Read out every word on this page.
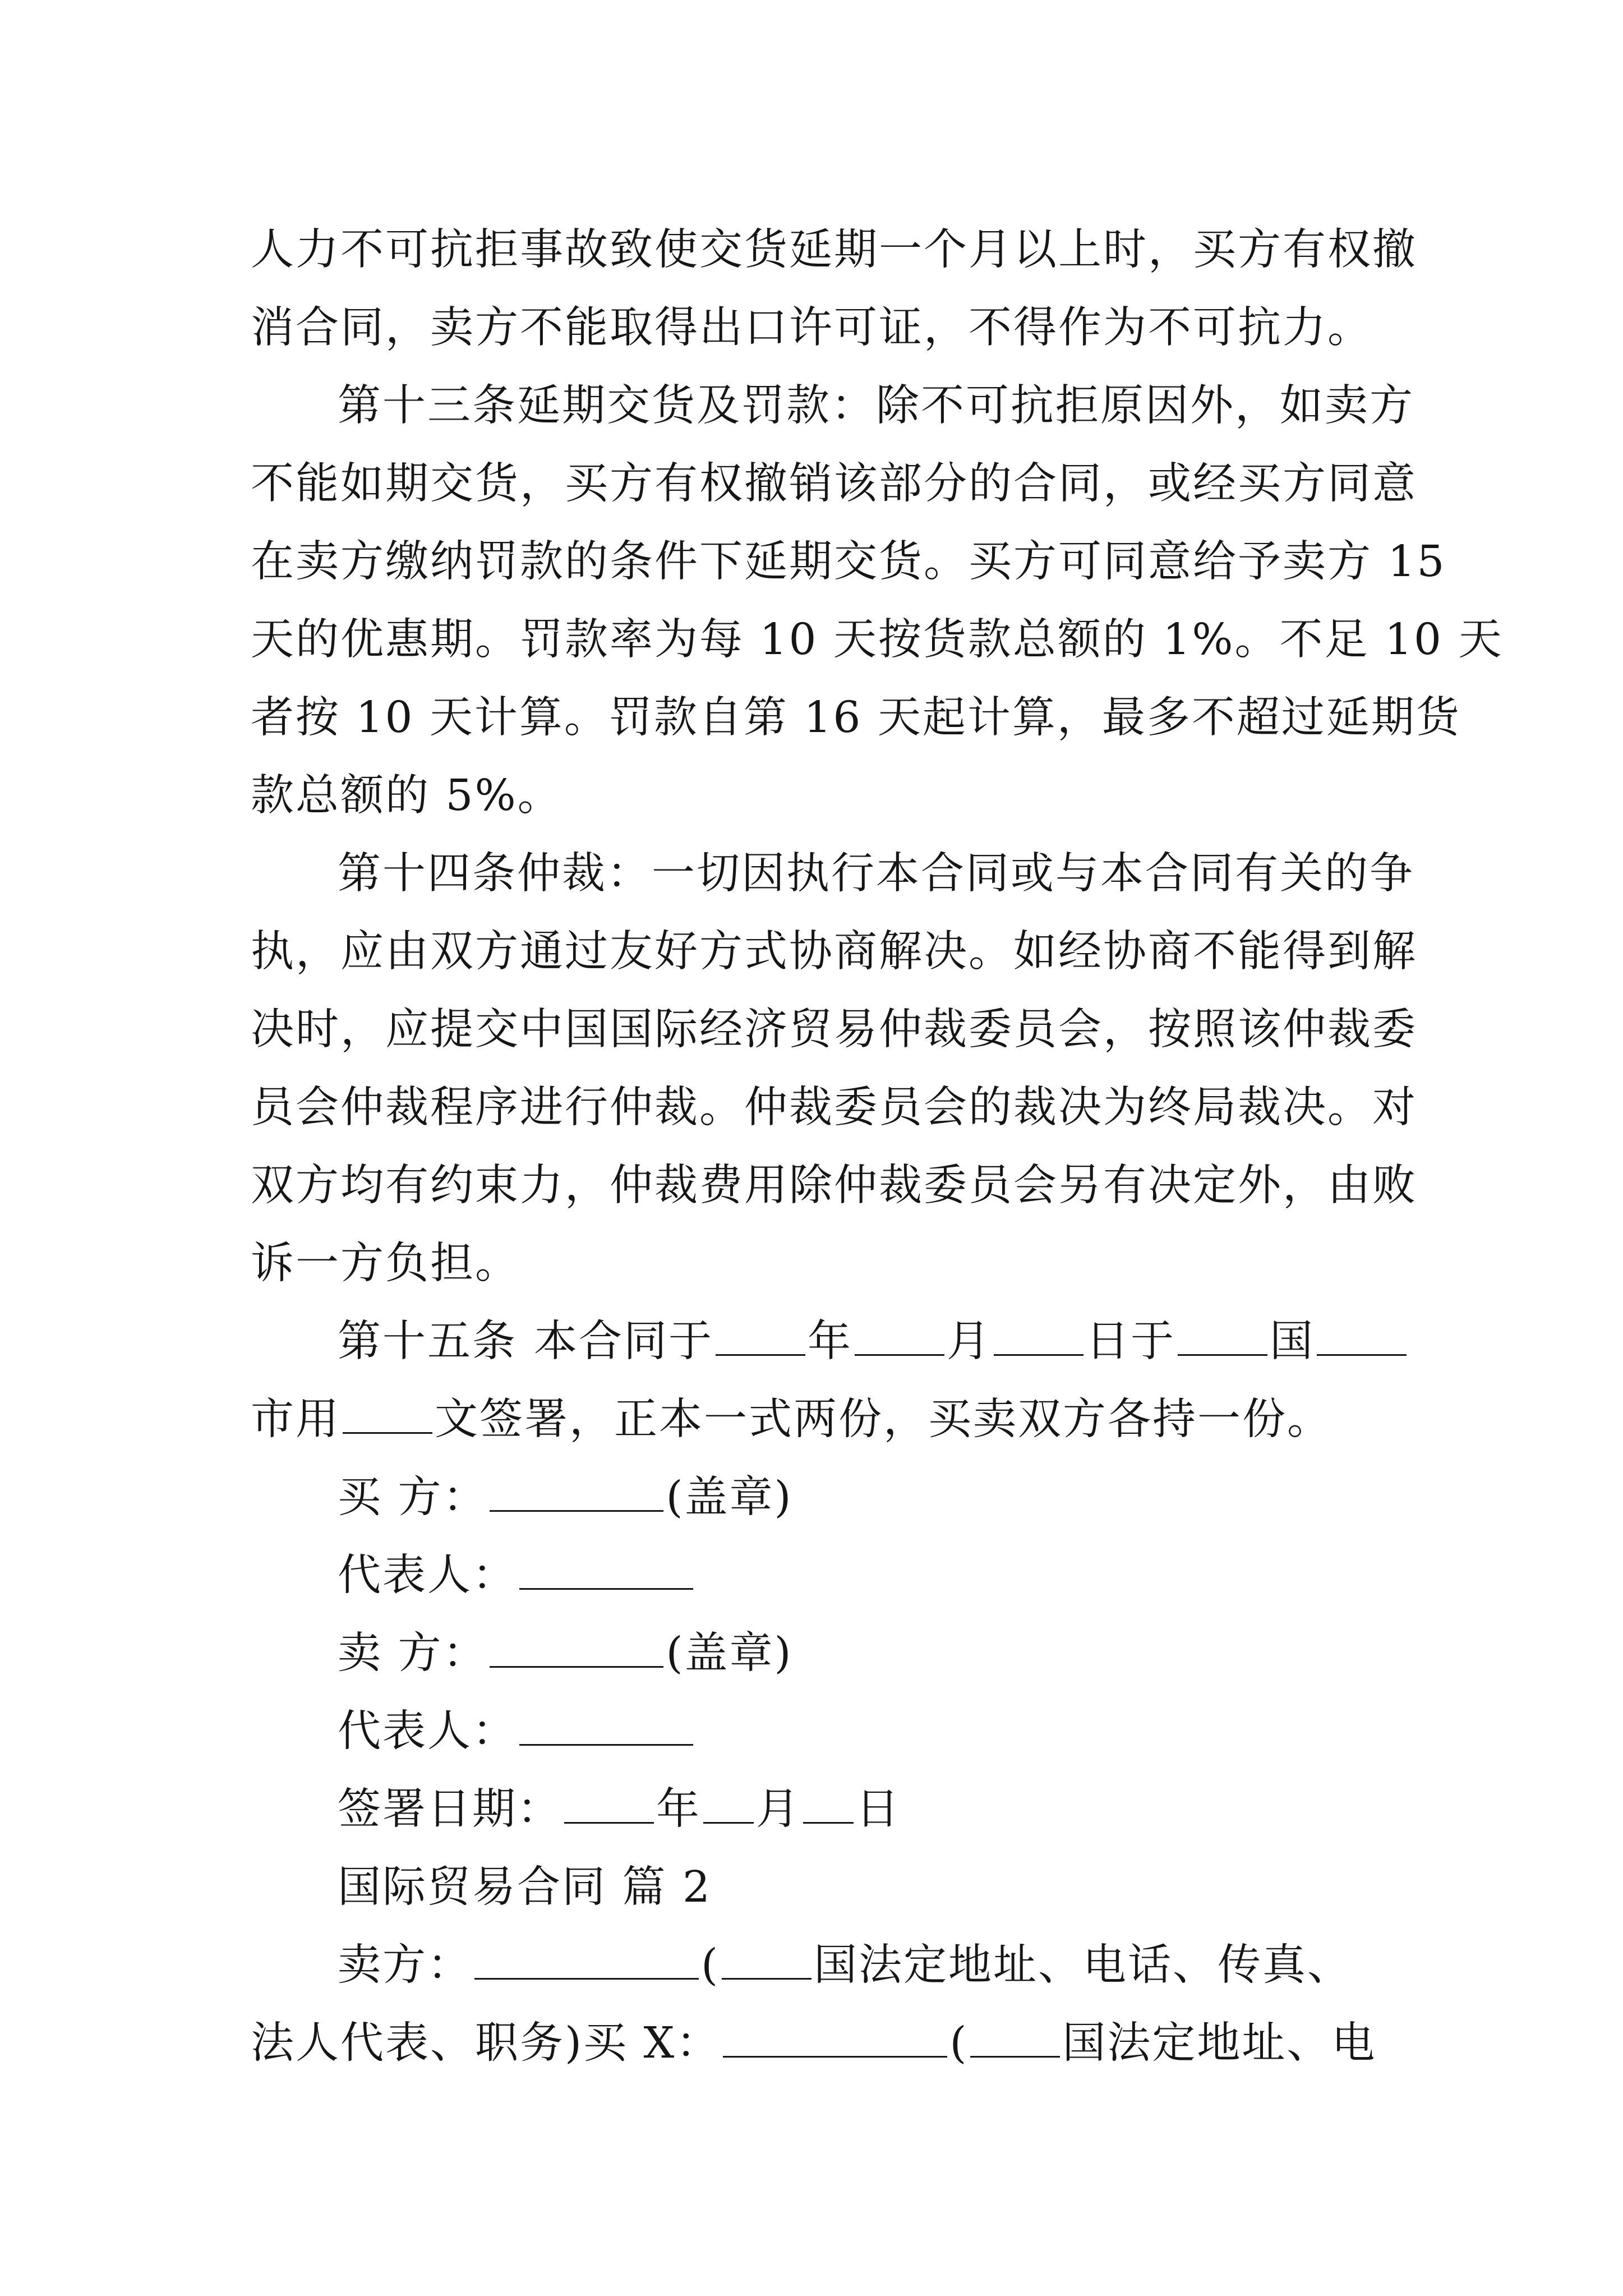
人力不可抗拒事故致使交货延期一个月以上时，买方有权撤
消合同，卖方不能取得出口许可证，不得作为不可抗力。
第十三条延期交货及罚款：除不可抗拒原因外，如卖方
不能如期交货，买方有权撤销该部分的合同，或经买方同意
在卖方缴纳罚款的条件下延期交货。买方可同意给予卖方 15
天的优惠期。罚款率为每 10 天按货款总额的 1%。不足 10 天
者按 10 天计算。罚款自第 16 天起计算，最多不超过延期货
款总额的 5%。
第十四条仲裁：一切因执行本合同或与本合同有关的争
执，应由双方通过友好方式协商解决。如经协商不能得到解
决时，应提交中国国际经济贸易仲裁委员会，按照该仲裁委
员会仲裁程序进行仲裁。仲裁委员会的裁决为终局裁决。对
双方均有约束力，仲裁费用除仲裁委员会另有决定外，由败
诉一方负担。
第十五条 本合同于 年 月 日于 国
市用 文签署，正本一式两份，买卖双方各持一份。
买 方：	(盖章)
代表人：
卖 方：	(盖章)
代表人：
签署日期： 年 月 日
国际贸易合同 篇 2
卖方：	( 国法定地址、电话、传真、
法人代表、职务)买 X：	( 国法定地址、电
